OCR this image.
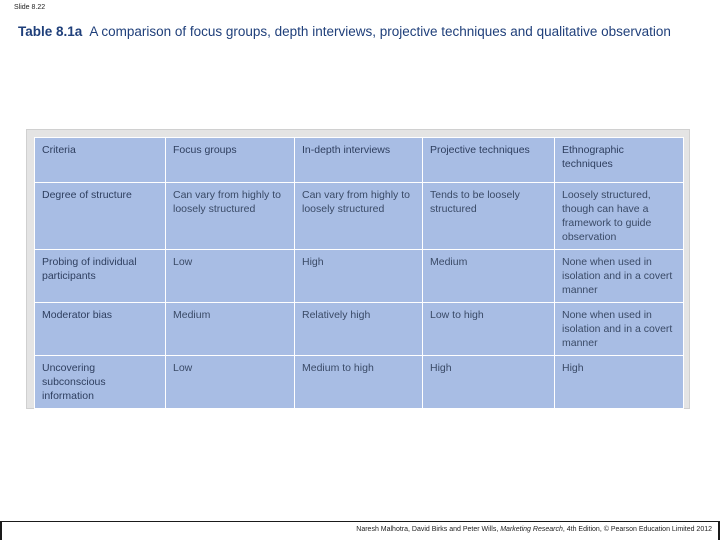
Slide 8.22
Table 8.1a A comparison of focus groups, depth interviews, projective techniques and qualitative observation
Criteria	Focus groups	In-depth interviews	Projective techniques	Ethnographic techniques
Degree of structure	Can vary from highly to loosely structured	Can vary from highly to loosely structured	Tends to be loosely structured	Loosely structured, though can have a framework to guide observation
Probing of individual participants	Low	High	Medium	None when used in isolation and in a covert manner
Moderator bias	Medium	Relatively high	Low to high	None when used in isolation and in a covert manner
Uncovering subconscious information	Low	Medium to high	High	High
Naresh Malhotra, David Birks and Peter Wills, Marketing Research, 4th Edition, © Pearson Education Limited 2012
